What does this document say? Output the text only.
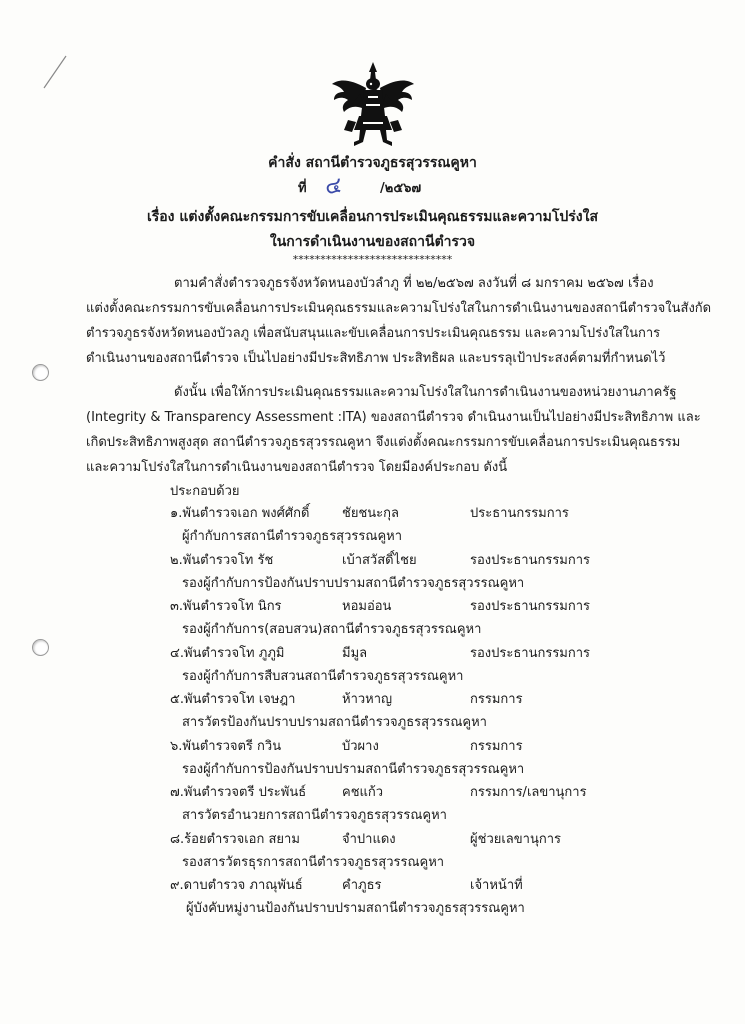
คำสั่ง สถานีตำรวจภูธรสุวรรณคูหา
ที่ ๔	/๒๕๖๗
เรื่อง แต่งตั้งคณะกรรมการขับเคลื่อนการประเมินคุณธรรมและความโปร่งใส
ในการดำเนินงานของสถานีตำรวจ
*****************************
ตามคำสั่งตำรวจภูธรจังหวัดหนองบัวลำภู ที่ ๒๒/๒๕๖๗ ลงวันที่ ๘ มกราคม ๒๕๖๗ เรื่อง
แต่งตั้งคณะกรรมการขับเคลื่อนการประเมินคุณธรรมและความโปร่งใสในการดำเนินงานของสถานีตำรวจในสังกัด
ตำรวจภูธรจังหวัดหนองบัวลภู เพื่อสนับสนุนและขับเคลื่อนการประเมินคุณธรรม และความโปร่งใสในการ
ดำเนินงานของสถานีตำรวจ เป็นไปอย่างมีประสิทธิภาพ ประสิทธิผล และบรรลุเป้าประสงค์ตามที่กำหนดไว้
ดังนั้น เพื่อให้การประเมินคุณธรรมและความโปร่งใสในการดำเนินงานของหน่วยงานภาครัฐ
(Integrity & Transparency Assessment :ITA) ของสถานีตำรวจ ดำเนินงานเป็นไปอย่างมีประสิทธิภาพ และ
เกิดประสิทธิภาพสูงสุด สถานีตำรวจภูธรสุวรรณคูหา จึงแต่งตั้งคณะกรรมการขับเคลื่อนการประเมินคุณธรรม
และความโปร่งใสในการดำเนินงานของสถานีตำรวจ โดยมีองค์ประกอบ ดังนี้
ประกอบด้วย
๑.พันตำรวจเอก พงศ์ศักดิ์	ชัยชนะกุล	ประธานกรรมการ
ผู้กำกับการสถานีตำรวจภูธรสุวรรณคูหา
๒.พันตำรวจโท รัช	เบ้าสวัสดิ์ไชย	รองประธานกรรมการ
รองผู้กำกับการป้องกันปราบปรามสถานีตำรวจภูธรสุวรรณคูหา
๓.พันตำรวจโท นิกร	หอมอ่อน	รองประธานกรรมการ
รองผู้กำกับการ(สอบสวน)สถานีตำรวจภูธรสุวรรณคูหา
๔.พันตำรวจโท ภูภูมิ	มีมูล	รองประธานกรรมการ
รองผู้กำกับการสืบสวนสถานีตำรวจภูธรสุวรรณคูหา
๕.พันตำรวจโท เจษฎา	ห้าวหาญ	กรรมการ
สารวัตรป้องกันปราบปรามสถานีตำรวจภูธรสุวรรณคูหา
๖.พันตำรวจตรี กวิน	บัวผาง	กรรมการ
รองผู้กำกับการป้องกันปราบปรามสถานีตำรวจภูธรสุวรรณคูหา
๗.พันตำรวจตรี ประพันธ์	คชแก้ว	กรรมการ/เลขานุการ
สารวัตรอำนวยการสถานีตำรวจภูธรสุวรรณคูหา
๘.ร้อยตำรวจเอก สยาม	จำปาแดง	ผู้ช่วยเลขานุการ
รองสารวัตรธุรการสถานีตำรวจภูธรสุวรรณคูหา
๙.ดาบตำรวจ ภาณุพันธ์	คำภูธร	เจ้าหน้าที่
ผู้บังคับหมู่งานป้องกันปราบปรามสถานีตำรวจภูธรสุวรรณคูหา
